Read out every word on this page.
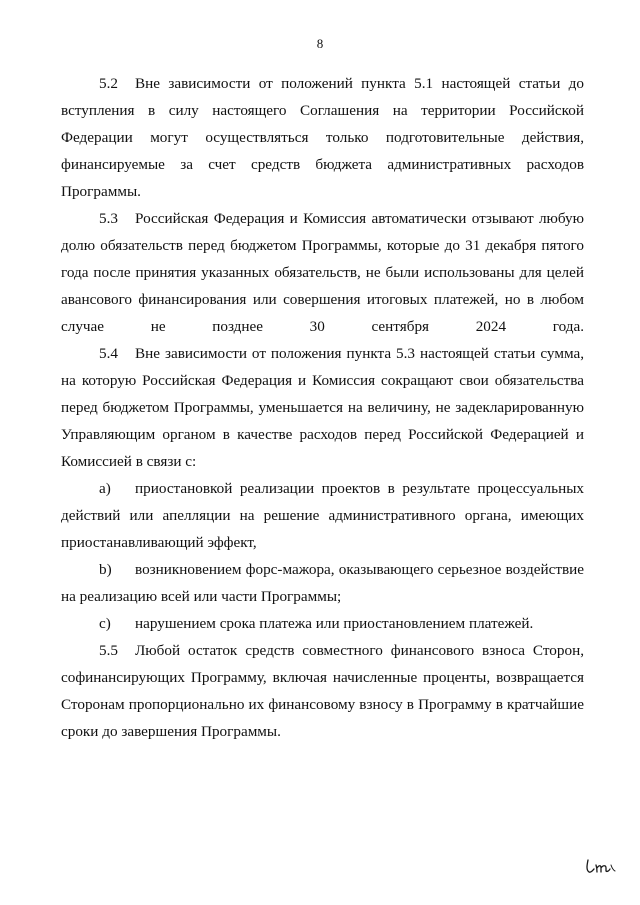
8

5.2 Вне зависимости от положений пункта 5.1 настоящей статьи до вступления в силу настоящего Соглашения на территории Российской Федерации могут осуществляться только подготовительные действия, финансируемые за счет средств бюджета административных расходов Программы.

5.3 Российская Федерация и Комиссия автоматически отзывают любую долю обязательств перед бюджетом Программы, которые до 31 декабря пятого года после принятия указанных обязательств, не были использованы для целей авансового финансирования или совершения итоговых платежей, но в любом случае не позднее 30 сентября 2024 года.

5.4 Вне зависимости от положения пункта 5.3 настоящей статьи сумма, на которую Российская Федерация и Комиссия сокращают свои обязательства перед бюджетом Программы, уменьшается на величину, не задекларированную Управляющим органом в качестве расходов перед Российской Федерацией и Комиссией в связи с:

a) приостановкой реализации проектов в результате процессуальных действий или апелляции на решение административного органа, имеющих приостанавливающий эффект,

b) возникновением форс-мажора, оказывающего серьезное воздействие на реализацию всей или части Программы;

c) нарушением срока платежа или приостановлением платежей.

5.5 Любой остаток средств совместного финансового взноса Сторон, софинансирующих Программу, включая начисленные проценты, возвращается Сторонам пропорционально их финансовому взносу в Программу в кратчайшие сроки до завершения Программы.
